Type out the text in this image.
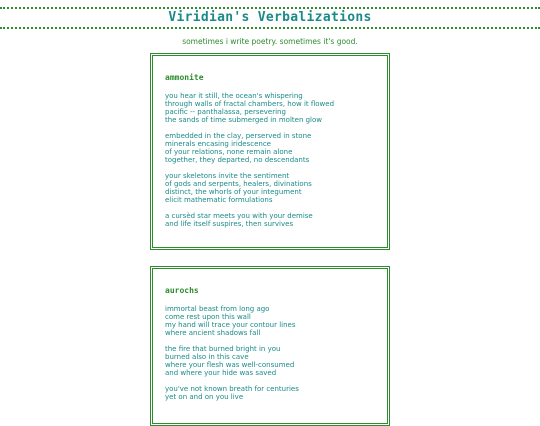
Viridian's Verbalizations
sometimes i write poetry. sometimes it's good.
ammonite

you hear it still, the ocean's whispering
through walls of fractal chambers, how it flowed
pacific -- panthalassa, persevering
the sands of time submerged in molten glow

embedded in the clay, perserved in stone
minerals encasing iridescence
of your relations, none remain alone
together, they departed, no descendants

your skeletons invite the sentiment
of gods and serpents, healers, divinations
distinct, the whorls of your integument
elicit mathematic formulations

a cursèd star meets you with your demise
and life itself suspires, then survives

aurochs

immortal beast from long ago
come rest upon this wall
my hand will trace your contour lines
where ancient shadows fall

the fire that burned bright in you
burned also in this cave
where your flesh was well-consumed
and where your hide was saved

you've not known breath for centuries
yet on and on you live
